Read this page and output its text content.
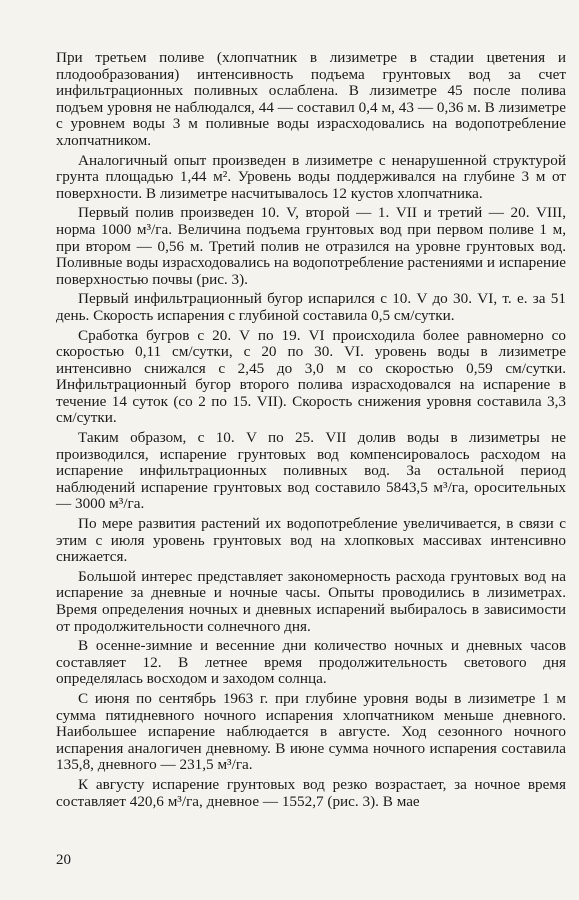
При третьем поливе (хлопчатник в лизиметре в стадии цветения и плодообразования) интенсивность подъема грунтовых вод за счет инфильтрационных поливных ослаблена. В лизиметре 45 после полива подъем уровня не наблюдался, 44 — составил 0,4 м, 43 — 0,36 м. В лизиметре с уровнем воды 3 м поливные воды израсходовались на водопотребление хлопчатником.

Аналогичный опыт произведен в лизиметре с ненарушенной структурой грунта площадью 1,44 м². Уровень воды поддерживался на глубине 3 м от поверхности. В лизиметре насчитывалось 12 кустов хлопчатника.

Первый полив произведен 10. V, второй — 1. VII и третий — 20. VIII, норма 1000 м³/га. Величина подъема грунтовых вод при первом поливе 1 м, при втором — 0,56 м. Третий полив не отразился на уровне грунтовых вод. Поливные воды израсходовались на водопотребление растениями и испарение поверхностью почвы (рис. 3).

Первый инфильтрационный бугор испарился с 10. V до 30. VI, т. е. за 51 день. Скорость испарения с глубиной составила 0,5 см/сутки.

Сработка бугров с 20. V по 19. VI происходила более равномерно со скоростью 0,11 см/сутки, с 20 по 30. VI. уровень воды в лизиметре интенсивно снижался с 2,45 до 3,0 м со скоростью 0,59 см/сутки. Инфильтрационный бугор второго полива израсходовался на испарение в течение 14 суток (со 2 по 15. VII). Скорость снижения уровня составила 3,3 см/сутки.

Таким образом, с 10. V по 25. VII долив воды в лизиметры не производился, испарение грунтовых вод компенсировалось расходом на испарение инфильтрационных поливных вод. За остальной период наблюдений испарение грунтовых вод составило 5843,5 м³/га, оросительных — 3000 м³/га.

По мере развития растений их водопотребление увеличивается, в связи с этим с июля уровень грунтовых вод на хлопковых массивах интенсивно снижается.

Большой интерес представляет закономерность расхода грунтовых вод на испарение за дневные и ночные часы. Опыты проводились в лизиметрах. Время определения ночных и дневных испарений выбиралось в зависимости от продолжительности солнечного дня.

В осенне-зимние и весенние дни количество ночных и дневных часов составляет 12. В летнее время продолжительность светового дня определялась восходом и заходом солнца.

С июня по сентябрь 1963 г. при глубине уровня воды в лизиметре 1 м сумма пятидневного ночного испарения хлопчатником меньше дневного. Наибольшее испарение наблюдается в августе. Ход сезонного ночного испарения аналогичен дневному. В июне сумма ночного испарения составила 135,8, дневного — 231,5 м³/га.

К августу испарение грунтовых вод резко возрастает, за ночное время составляет 420,6 м³/га, дневное — 1552,7 (рис. 3). В мае

20
